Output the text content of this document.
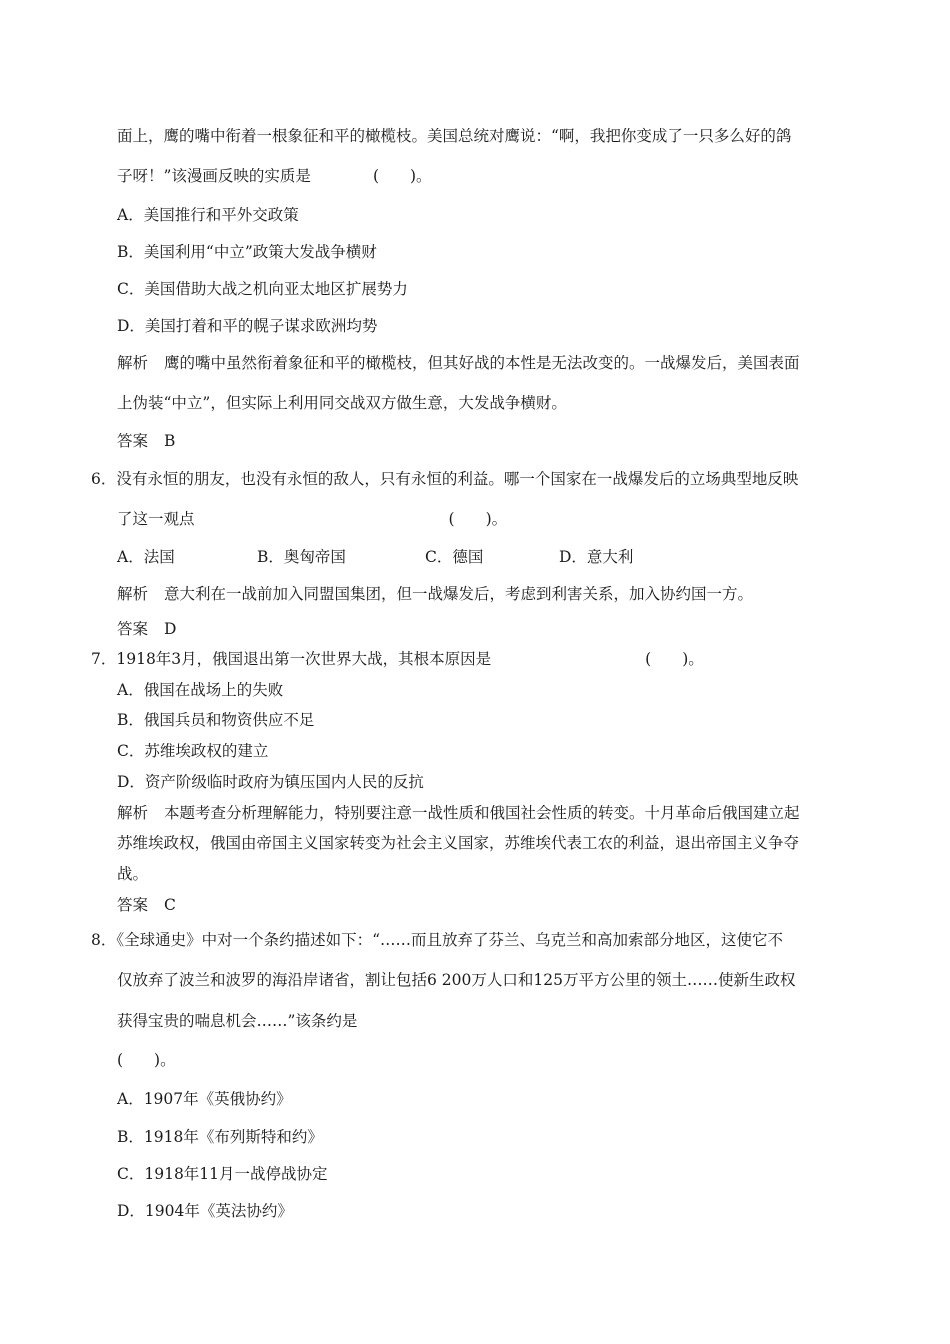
面上，鹰的嘴中衔着一根象征和平的橄榄枝。美国总统对鹰说：“啊，我把你变成了一只多么好的鸽

子呀！”该漫画反映的实质是	(　　)。

A．美国推行和平外交政策

B．美国利用“中立”政策大发战争横财

C．美国借助大战之机向亚太地区扩展势力

D．美国打着和平的幌子谋求欧洲均势

解析 鹰的嘴中虽然衔着象征和平的橄榄枝，但其好战的本性是无法改变的。一战爆发后，美国表面

上伪装“中立”，但实际上利用同交战双方做生意，大发战争横财。

答案 B

6．没有永恒的朋友，也没有永恒的敌人，只有永恒的利益。哪一个国家在一战爆发后的立场典型地反映

了这一观点	(　　)。

A．法国	B．奥匈帝国	C．德国	D．意大利

解析 意大利在一战前加入同盟国集团，但一战爆发后，考虑到利害关系，加入协约国一方。

答案 D

7．1918年3月，俄国退出第一次世界大战，其根本原因是	(　　)。

A．俄国在战场上的失败

B．俄国兵员和物资供应不足

C．苏维埃政权的建立

D．资产阶级临时政府为镇压国内人民的反抗

解析 本题考查分析理解能力，特别要注意一战性质和俄国社会性质的转变。十月革命后俄国建立起

苏维埃政权，俄国由帝国主义国家转变为社会主义国家，苏维埃代表工农的利益，退出帝国主义争夺

战。

答案 C

8．《全球通史》中对一个条约描述如下：“……而且放弃了芬兰、乌克兰和高加索部分地区，这使它不

仅放弃了波兰和波罗的海沿岸诸省，割让包括6 200万人口和125万平方公里的领土……使新生政权

获得宝贵的喘息机会……”该条约是

(　　)。

A．1907年《英俄协约》

B．1918年《布列斯特和约》

C．1918年11月一战停战协定

D．1904年《英法协约》
